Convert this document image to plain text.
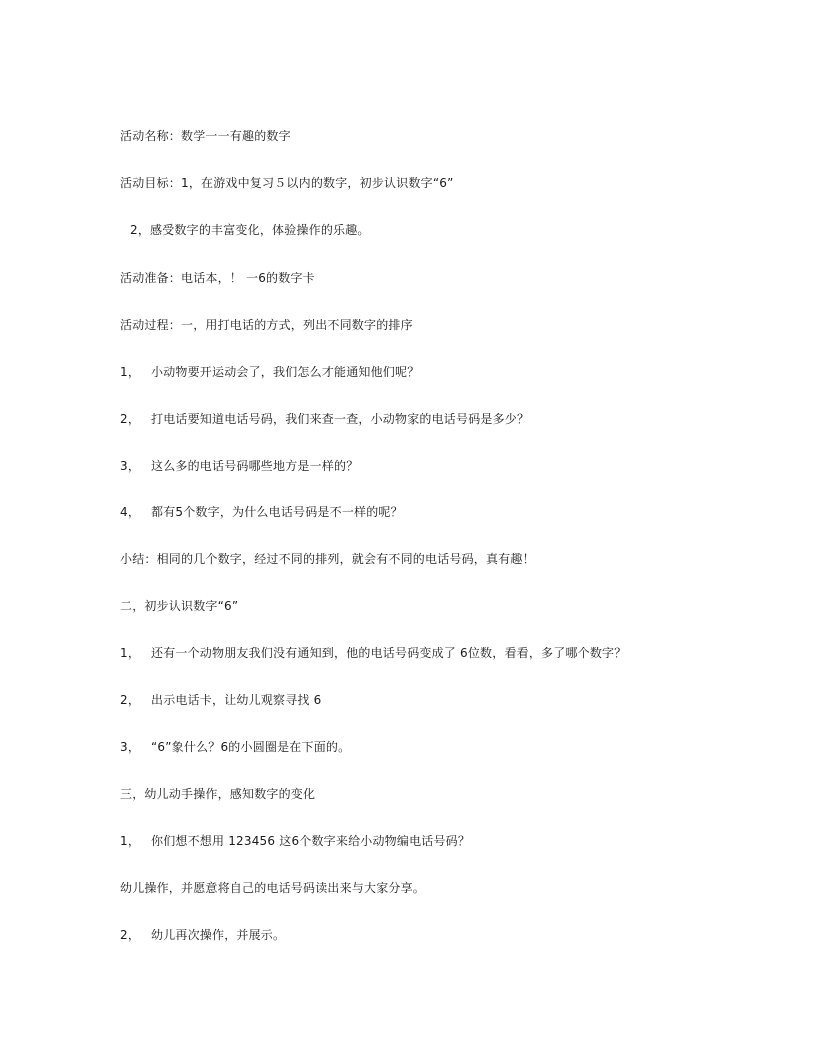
活动名称：数学一一有趣的数字
活动目标：1，在游戏中复习５以内的数字，初步认识数字“6”
2，感受数字的丰富变化，体验操作的乐趣。
活动准备：电话本，！ 一6的数字卡
活动过程：一，用打电话的方式，列出不同数字的排序
1， 小动物要开运动会了，我们怎么才能通知他们呢？
2， 打电话要知道电话号码，我们来查一查，小动物家的电话号码是多少？
3， 这么多的电话号码哪些地方是一样的？
4， 都有5个数字，为什么电话号码是不一样的呢？
小结：相同的几个数字，经过不同的排列，就会有不同的电话号码，真有趣！
二，初步认识数字“6”
1， 还有一个动物朋友我们没有通知到，他的电话号码变成了 6位数，看看，多了哪个数字？
2， 出示电话卡，让幼儿观察寻找 6
3， “6”象什么？6的小圆圈是在下面的。
三，幼儿动手操作，感知数字的变化
1， 你们想不想用 123456 这6个数字来给小动物编电话号码？
幼儿操作，并愿意将自己的电话号码读出来与大家分享。
2， 幼儿再次操作，并展示。
